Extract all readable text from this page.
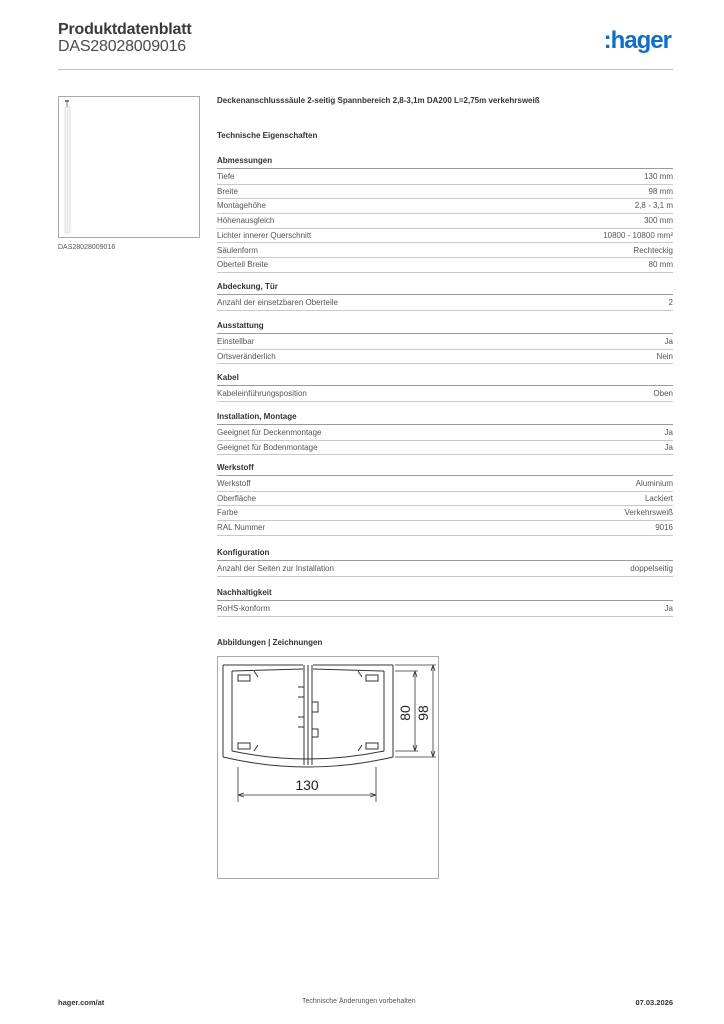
Produktdatenblatt
DAS28028009016	:hager
DAS28028009016
Deckenanschlusssäule 2-seitig Spannbereich 2,8-3,1m DA200 L=2,75m verkehrsweiß
Technische Eigenschaften
Abmessungen
Tiefe	130 mm
Breite	98 mm
Montagehöhe	2,8 - 3,1 m
Höhenausgleich	300 mm
Lichter innerer Querschnitt	10800 - 10800 mm²
Säulenform	Rechteckig
Oberteil Breite	80 mm
Abdeckung, Tür
Anzahl der einsetzbaren Oberteile	2
Ausstattung
Einstellbar	Ja
Ortsveränderlich	Nein
Kabel
Kabeleinführungsposition	Oben
Installation, Montage
Geeignet für Deckenmontage	Ja
Geeignet für Bodenmontage	Ja
Werkstoff
Werkstoff	Aluminium
Oberfläche	Lackiert
Farbe	Verkehrsweiß
RAL Nummer	9016
Konfiguration
Anzahl der Seiten zur Installation	doppelseitig
Nachhaltigkeit
RoHS-konform	Ja
Abbildungen | Zeichnungen
130
80 98
hager.com/at	Technische Änderungen vorbehalten	07.03.2026
